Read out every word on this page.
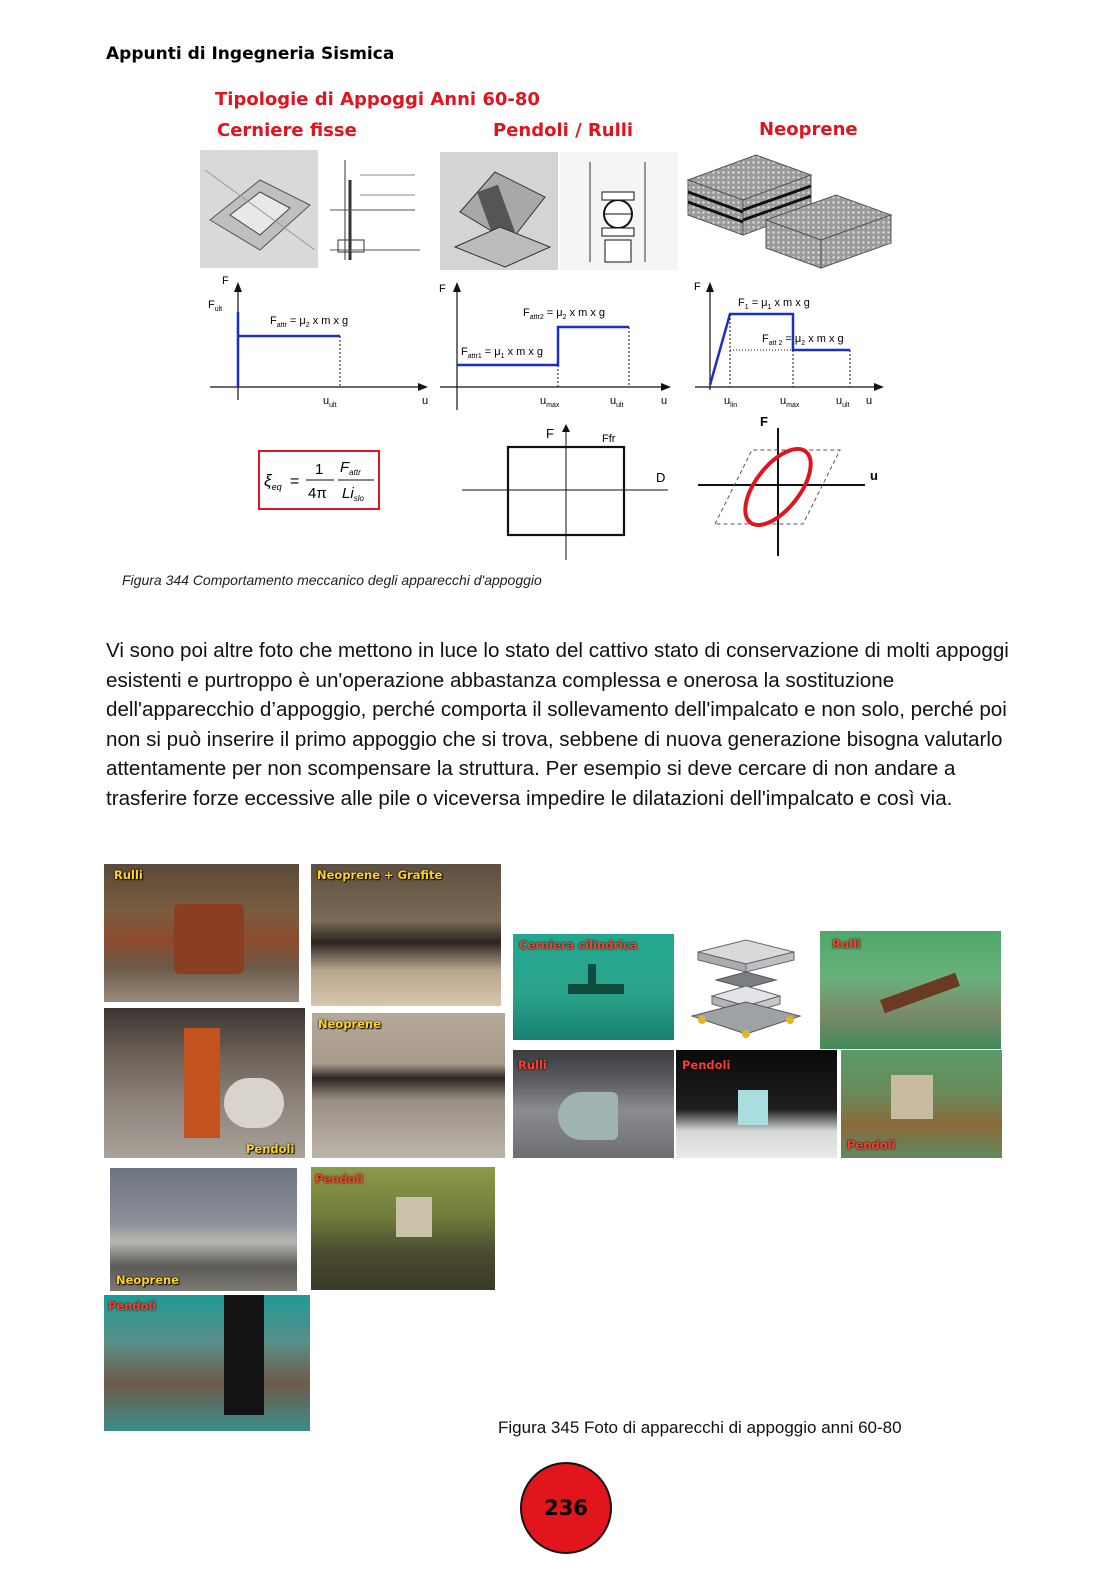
Appunti di Ingegneria Sismica
Tipologie di Appoggi Anni 60-80
Cerniere fisse	Pendoli / Rulli	Neoprene
F
$F_{ult}$
$F_{attr} = \mu_2$ x m x g
$u_{ult}$	u
F
$F_{attr1} = \mu_1$ x m x g
$F_{attr2} = \mu_2$ x m x g
$u_{max}$	$u_{ult}$	u
F
$F_1 = \mu_1$ x m x g
$F_{att 2} = \mu_2$ x m x g
$u_{lin}$	$u_{max}$	$u_{ult}$ u
$\xi_{eq}$ =
1
4π
$F_{attr}$
$Li_{slo}$
F
D
Ffr
F
u
Figura 344 Comportamento meccanico degli apparecchi d'appoggio
Vi sono poi altre foto che mettono in luce lo stato del cattivo stato di conservazione di molti appoggi esistenti e purtroppo è un'operazione abbastanza complessa e onerosa la sostituzione dell'apparecchio d’appoggio, perché comporta il sollevamento dell'impalcato e non solo, perché poi non si può inserire il primo appoggio che si trova, sebbene di nuova generazione bisogna valutarlo attentamente per non scompensare la struttura. Per esempio si deve cercare di non andare a trasferire forze eccessive alle pile o viceversa impedire le dilatazioni dell'impalcato e così via.
Rulli	Neoprene + Grafite
Pendoli
Neoprene
Neoprene
Pendoli
Pendoli
Cerniera cilindrica	Rulli
Rulli	Pendoli
Pendoli
Figura 345 Foto di apparecchi di appoggio anni 60-80
236
